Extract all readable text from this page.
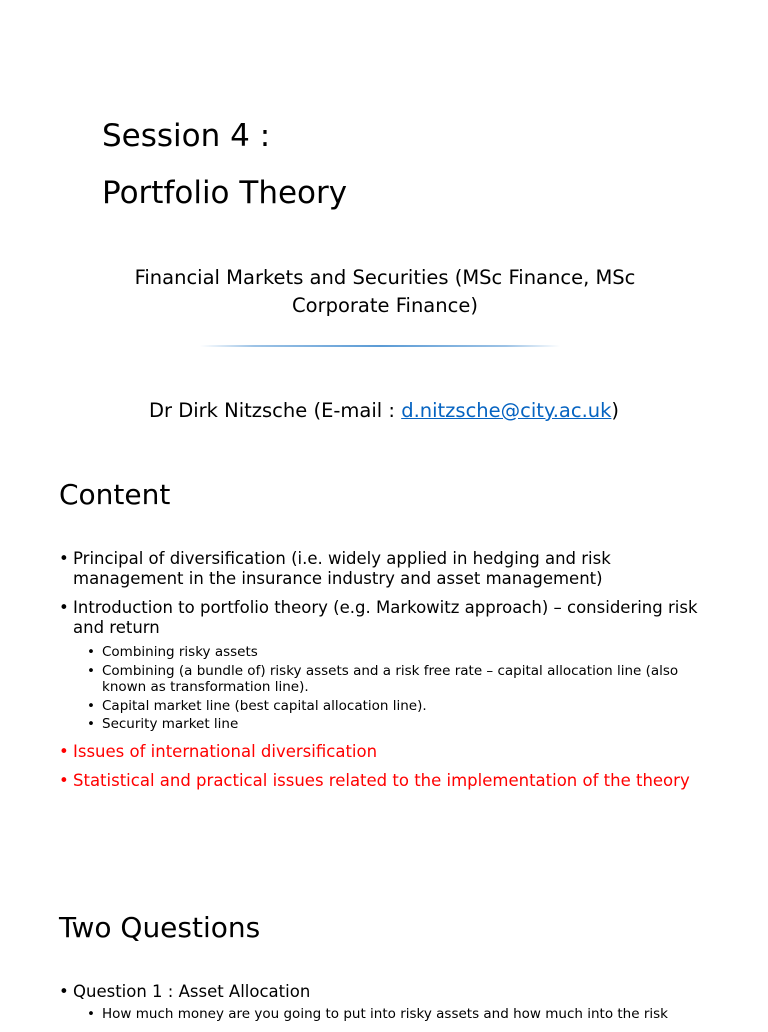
Session 4 :
Portfolio Theory

Financial Markets and Securities (MSc Finance, MSc Corporate Finance)

Dr Dirk Nitzsche (E-mail : d.nitzsche@city.ac.uk)

Content
• Principal of diversification (i.e. widely applied in hedging and risk management in the insurance industry and asset management)
• Introduction to portfolio theory (e.g. Markowitz approach) – considering risk and return
• Combining risky assets
• Combining (a bundle of) risky assets and a risk free rate – capital allocation line (also known as transformation line).
• Capital market line (best capital allocation line).
• Security market line
• Issues of international diversification
• Statistical and practical issues related to the implementation of the theory
Two Questions
• Question 1 : Asset Allocation
• How much money are you going to put into risky assets and how much into the risk
